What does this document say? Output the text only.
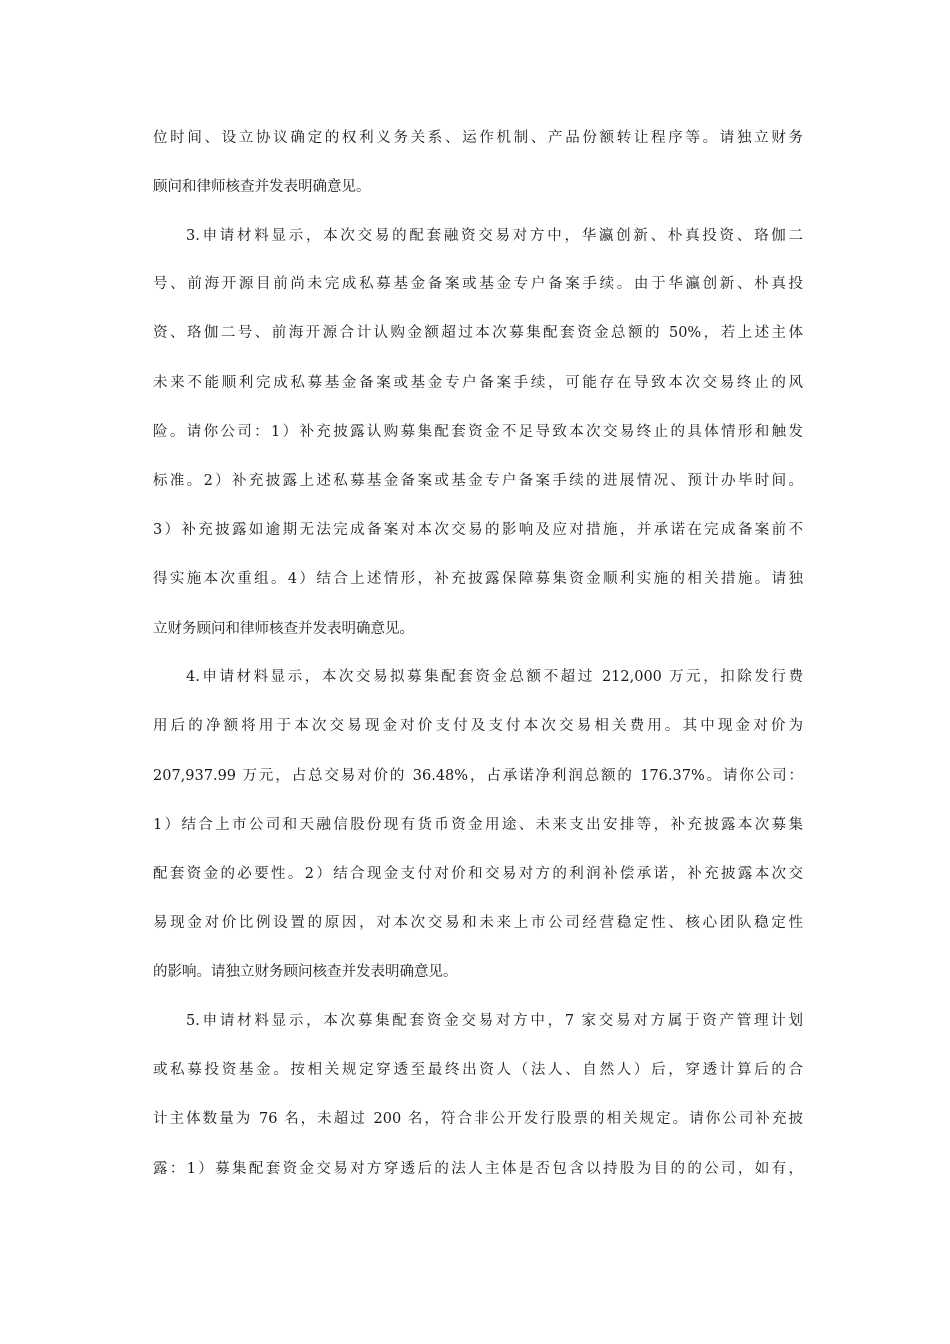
位时间、设立协议确定的权利义务关系、运作机制、产品份额转让程序等。请独立财务
顾问和律师核查并发表明确意见。
3.申请材料显示，本次交易的配套融资交易对方中，华瀛创新、朴真投资、珞伽二
号、前海开源目前尚未完成私募基金备案或基金专户备案手续。由于华瀛创新、朴真投
资、珞伽二号、前海开源合计认购金额超过本次募集配套资金总额的 50%，若上述主体
未来不能顺利完成私募基金备案或基金专户备案手续，可能存在导致本次交易终止的风
险。请你公司：1）补充披露认购募集配套资金不足导致本次交易终止的具体情形和触发
标准。2）补充披露上述私募基金备案或基金专户备案手续的进展情况、预计办毕时间。
3）补充披露如逾期无法完成备案对本次交易的影响及应对措施，并承诺在完成备案前不
得实施本次重组。4）结合上述情形，补充披露保障募集资金顺利实施的相关措施。请独
立财务顾问和律师核查并发表明确意见。
4.申请材料显示，本次交易拟募集配套资金总额不超过 212,000 万元，扣除发行费
用后的净额将用于本次交易现金对价支付及支付本次交易相关费用。其中现金对价为
207,937.99 万元，占总交易对价的 36.48%，占承诺净利润总额的 176.37%。请你公司：
1）结合上市公司和天融信股份现有货币资金用途、未来支出安排等，补充披露本次募集
配套资金的必要性。2）结合现金支付对价和交易对方的利润补偿承诺，补充披露本次交
易现金对价比例设置的原因，对本次交易和未来上市公司经营稳定性、核心团队稳定性
的影响。请独立财务顾问核查并发表明确意见。
5.申请材料显示，本次募集配套资金交易对方中，7 家交易对方属于资产管理计划
或私募投资基金。按相关规定穿透至最终出资人（法人、自然人）后，穿透计算后的合
计主体数量为 76 名，未超过 200 名，符合非公开发行股票的相关规定。请你公司补充披
露：1）募集配套资金交易对方穿透后的法人主体是否包含以持股为目的的公司，如有，
